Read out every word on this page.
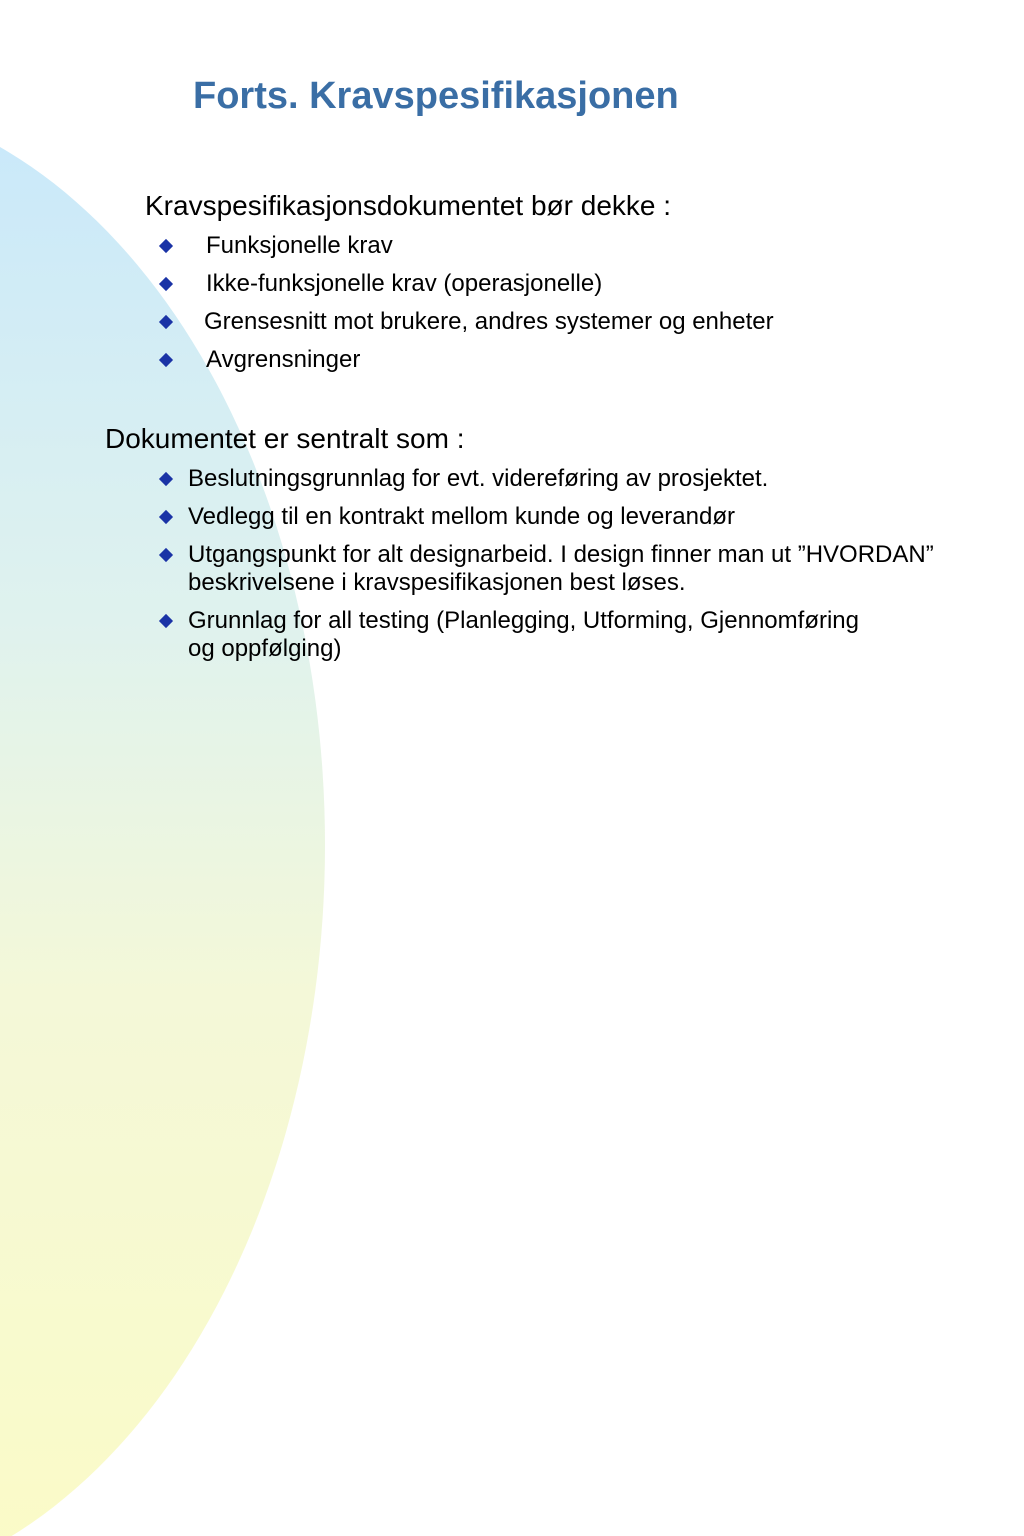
Forts. Kravspesifikasjonen

Kravspesifikasjonsdokumentet bør dekke :

Funksjonelle krav
Ikke-funksjonelle krav (operasjonelle)
Grensesnitt mot brukere, andres systemer og enheter
Avgrensninger

Dokumentet er sentralt som :

Beslutningsgrunnlag for evt. videreføring av prosjektet.
Vedlegg til en kontrakt mellom kunde og leverandør
Utgangspunkt for alt designarbeid. I design finner man ut ”HVORDAN” beskrivelsene i kravspesifikasjonen best løses.
Grunnlag for all testing (Planlegging, Utforming, Gjennomføring og oppfølging)
